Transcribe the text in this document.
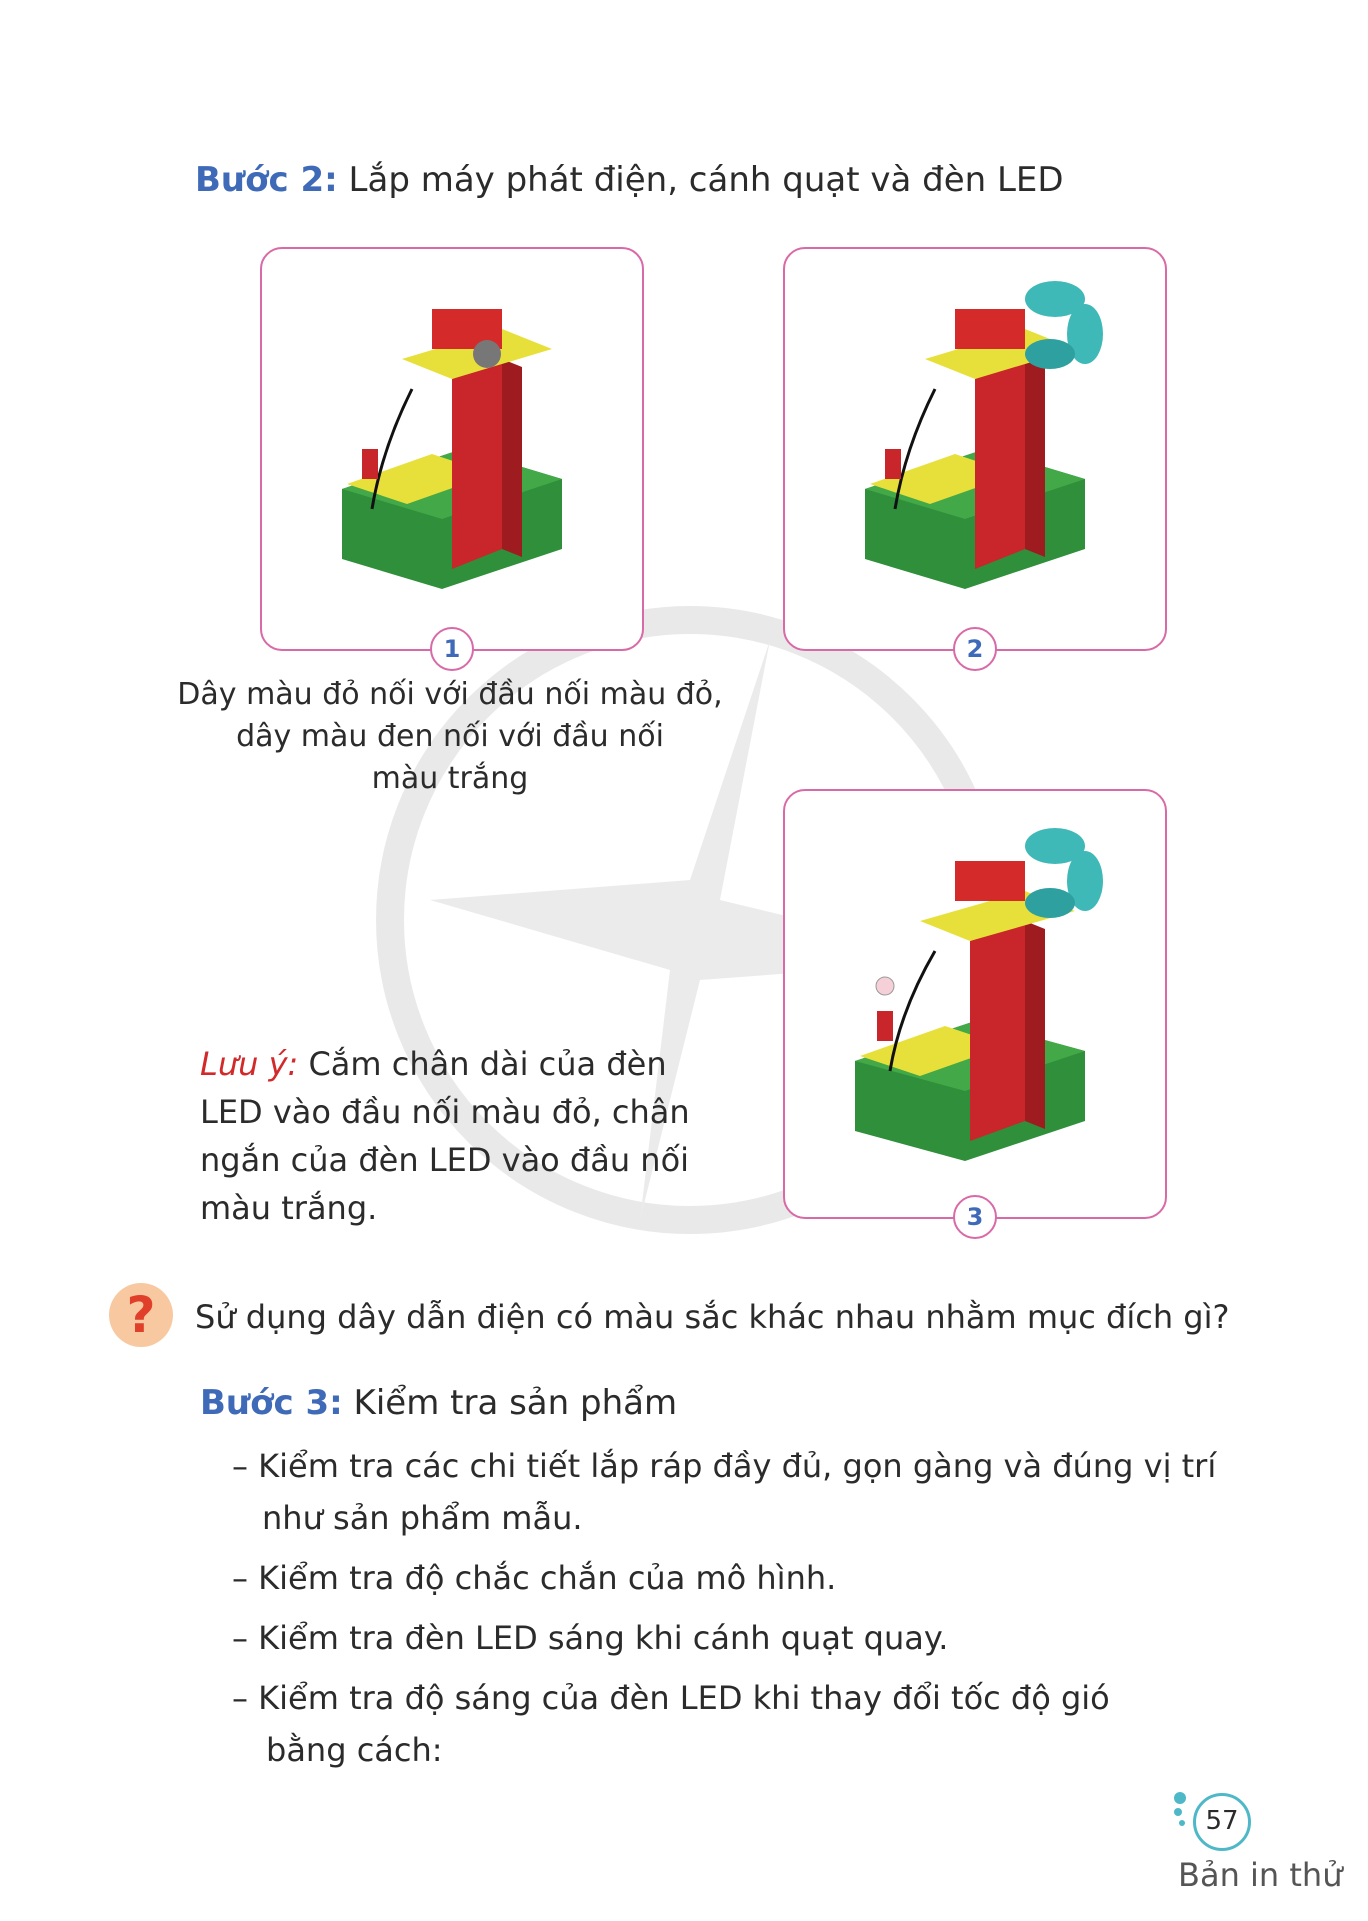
Bước 2: Lắp máy phát điện, cánh quạt và đèn LED
1	2
Dây màu đỏ nối với đầu nối màu đỏ,
dây màu đen nối với đầu nối
màu trắng
3
Lưu ý: Cắm chân dài của đèn
LED vào đầu nối màu đỏ, chân
ngắn của đèn LED vào đầu nối
màu trắng.
? Sử dụng dây dẫn điện có màu sắc khác nhau nhằm mục đích gì?
Bước 3: Kiểm tra sản phẩm
– Kiểm tra các chi tiết lắp ráp đầy đủ, gọn gàng và đúng vị trí
như sản phẩm mẫu.
– Kiểm tra độ chắc chắn của mô hình.
– Kiểm tra đèn LED sáng khi cánh quạt quay.
– Kiểm tra độ sáng của đèn LED khi thay đổi tốc độ gió
bằng cách:
57
Bản in thử
